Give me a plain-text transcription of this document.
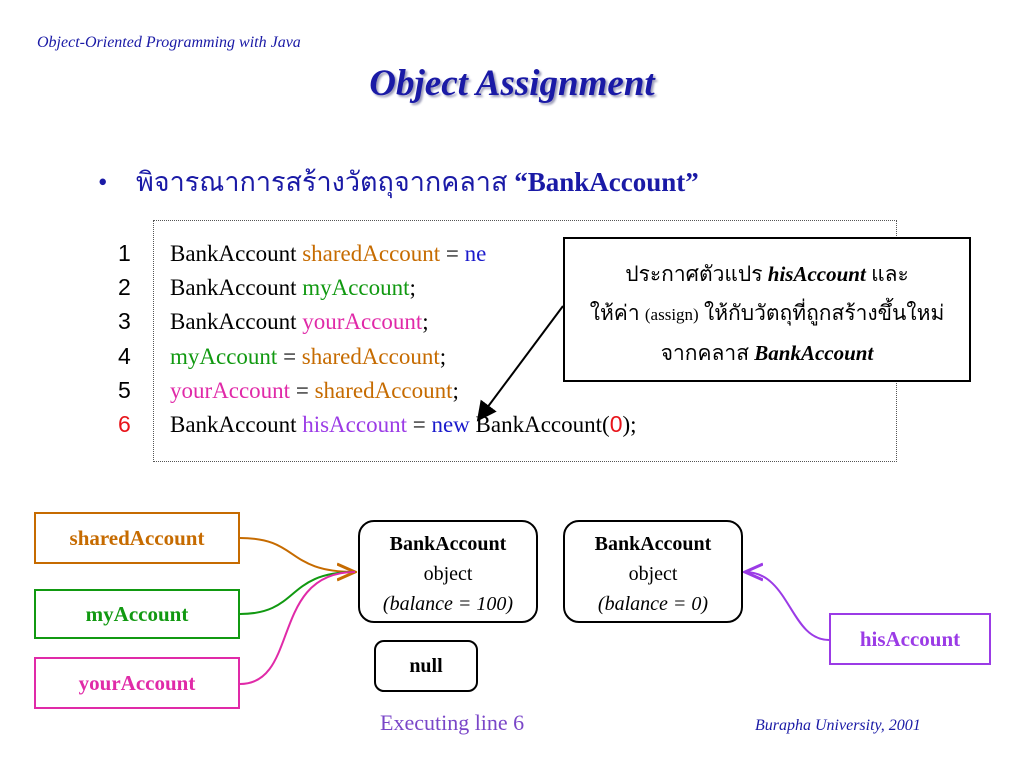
Object-Oriented Programming with Java
Object Assignment
• พิจารณาการสร้างวัตถุจากคลาส “BankAccount”
1 BankAccount sharedAccount = ne
2 BankAccount myAccount;
3 BankAccount yourAccount;
4 myAccount = sharedAccount;
5 yourAccount = sharedAccount;
6 BankAccount hisAccount = new BankAccount(0);
ประกาศตัวแปร hisAccount และ
ให้ค่า (assign) ให้กับวัตถุที่ถูกสร้างขึ้นใหม่
จากคลาส BankAccount
sharedAccount
myAccount
yourAccount
hisAccount
BankAccount
object
(balance = 100)
BankAccount
object
(balance = 0)
null
Executing line 6	Burapha University, 2001
